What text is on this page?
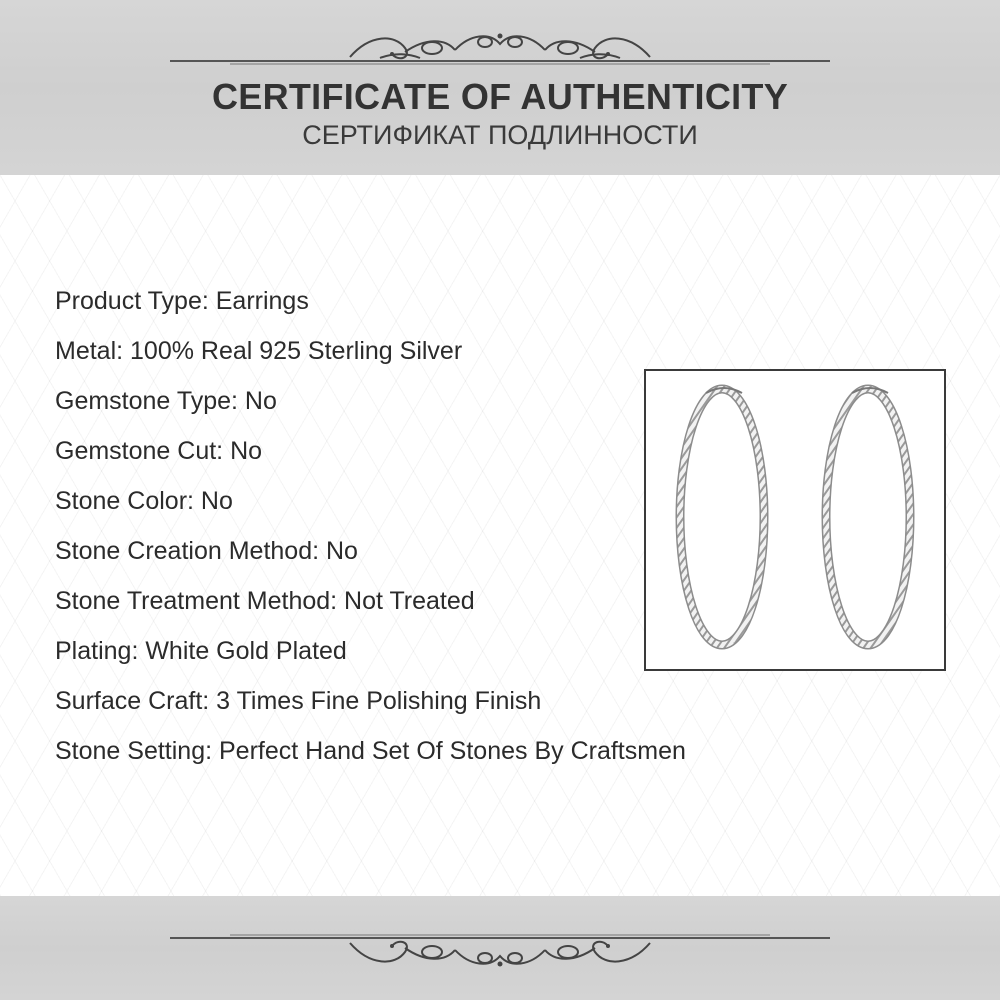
CERTIFICATE OF AUTHENTICITY
СЕРТИФИКАТ ПОДЛИННОСТИ
Product Type: Earrings
Metal: 100% Real 925 Sterling Silver
Gemstone Type: No
Gemstone Cut: No
Stone Color: No
Stone Creation Method: No
Stone Treatment Method: Not Treated
Plating: White Gold Plated
Surface Craft: 3 Times Fine Polishing Finish
Stone Setting: Perfect Hand Set Of Stones By Craftsmen
